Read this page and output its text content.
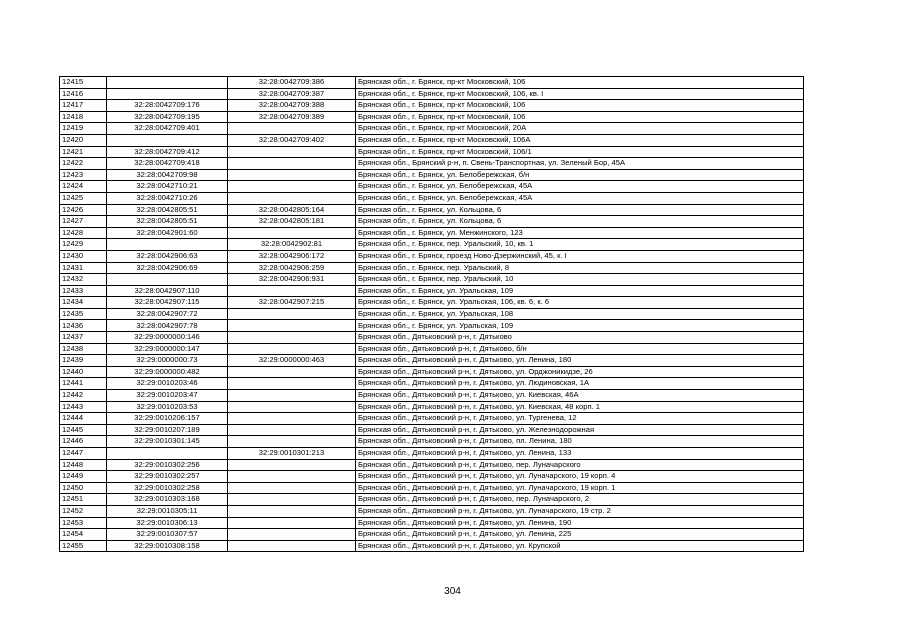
12415		32:28:0042709:386	Брянская обл., г. Брянск, пр-кт Московский, 106
12416		32:28:0042709:387	Брянская обл., г. Брянск, пр-кт Московский, 106, кв. I
12417	32:28:0042709:176	32:28:0042709:388	Брянская обл., г. Брянск, пр-кт Московский, 106
12418	32:28:0042709:195	32:28:0042709:389	Брянская обл., г. Брянск, пр-кт Московский, 106
12419	32:28:0042709:401		Брянская обл., г. Брянск, пр-кт Московский, 20А
12420		32:28:0042709:402	Брянская обл., г. Брянск, пр-кт Московский, 106А
12421	32:28:0042709:412		Брянская обл., г. Брянск, пр-кт Московский, 106/1
12422	32:28:0042709:418		Брянская обл., Брянский р-н, п. Свень-Транспортная, ул. Зеленый Бор, 45А
12423	32:28:0042709:98		Брянская обл., г. Брянск, ул. Белобережская, б/н
12424	32:28:0042710:21		Брянская обл., г. Брянск, ул. Белобережская, 45А
12425	32:28:0042710:26		Брянская обл., г. Брянск, ул. Белобережская, 45А
12426	32:28:0042805:51	32:28:0042805:164	Брянская обл., г. Брянск, ул. Кольцова, 6
12427	32:28:0042805:51	32:28:0042805:181	Брянская обл., г. Брянск, ул. Кольцова, 6
12428	32:28:0042901:60		Брянская обл., г. Брянск, ул. Менжинского, 123
12429		32:28:0042902:81	Брянская обл., г. Брянск, пер. Уральский, 10, кв. 1
12430	32:28:0042906:63	32:28:0042906:172	Брянская обл., г. Брянск, проезд Ново-Дзержинский, 45, к. I
12431	32:28:0042906:69	32:28:0042906:259	Брянская обл., г. Брянск, пер. Уральский, 8
12432		32:28:0042906:931	Брянская обл., г. Брянск, пер. Уральский, 10
12433	32:28:0042907:110		Брянская обл., г. Брянск, ул. Уральская, 109
12434	32:28:0042907:115	32:28:0042907:215	Брянская обл., г. Брянск, ул. Уральская, 106, кв. 6, к. 6
12435	32:28:0042907:72		Брянская обл., г. Брянск, ул. Уральская, 108
12436	32:28:0042907:78		Брянская обл., г. Брянск, ул. Уральская, 109
12437	32:29:0000000:146		Брянская обл., Дятьковский р-н, г. Дятьково
12438	32:29:0000000:147		Брянская обл., Дятьковский р-н, г. Дятьково, б/н
12439	32:29:0000000:73	32:29:0000000:463	Брянская обл., Дятьковский р-н, г. Дятьково, ул. Ленина, 180
12440	32:29:0000000:482		Брянская обл., Дятьковский р-н, г. Дятьково, ул. Орджоникидзе, 26
12441	32:29:0010203:46		Брянская обл., Дятьковский р-н, г. Дятьково, ул. Людиновская, 1А
12442	32:29:0010203:47		Брянская обл., Дятьковский р-н, г. Дятьково, ул. Киевская, 46А
12443	32:29:0010203:53		Брянская обл., Дятьковский р-н, г. Дятьково, ул. Киевская, 48 корп. 1
12444	32:29:0010206:157		Брянская обл., Дятьковский р-н, г. Дятьково, ул. Тургенева, 12
12445	32:29:0010207:189		Брянская обл., Дятьковский р-н, г. Дятьково, ул. Железнодорожная
12446	32:29:0010301:145		Брянская обл., Дятьковский р-н, г. Дятьково, пл. Ленина, 180
12447		32:29:0010301:213	Брянская обл., Дятьковский р-н, г. Дятьково, ул. Ленина, 133
12448	32:29:0010302:256		Брянская обл., Дятьковский р-н, г. Дятьково, пер. Луначарского
12449	32:29:0010302:257		Брянская обл., Дятьковский р-н, г. Дятьково, ул. Луначарского, 19 корп. 4
12450	32:29:0010302:258		Брянская обл., Дятьковский р-н, г. Дятьково, ул. Луначарского, 19 корп. 1
12451	32:29:0010303:168		Брянская обл., Дятьковский р-н, г. Дятьково, пер. Луначарского, 2
12452	32:29:0010305:11		Брянская обл., Дятьковский р-н, г. Дятьково, ул. Луначарского, 19 стр. 2
12453	32:29:0010306:13		Брянская обл., Дятьковский р-н, г. Дятьково, ул. Ленина, 190
12454	32:29:0010307:57		Брянская обл., Дятьковский р-н, г. Дятьково, ул. Ленина, 225
12455	32:29:0010308:158		Брянская обл., Дятьковский р-н, г. Дятьково, ул. Крупской
304
